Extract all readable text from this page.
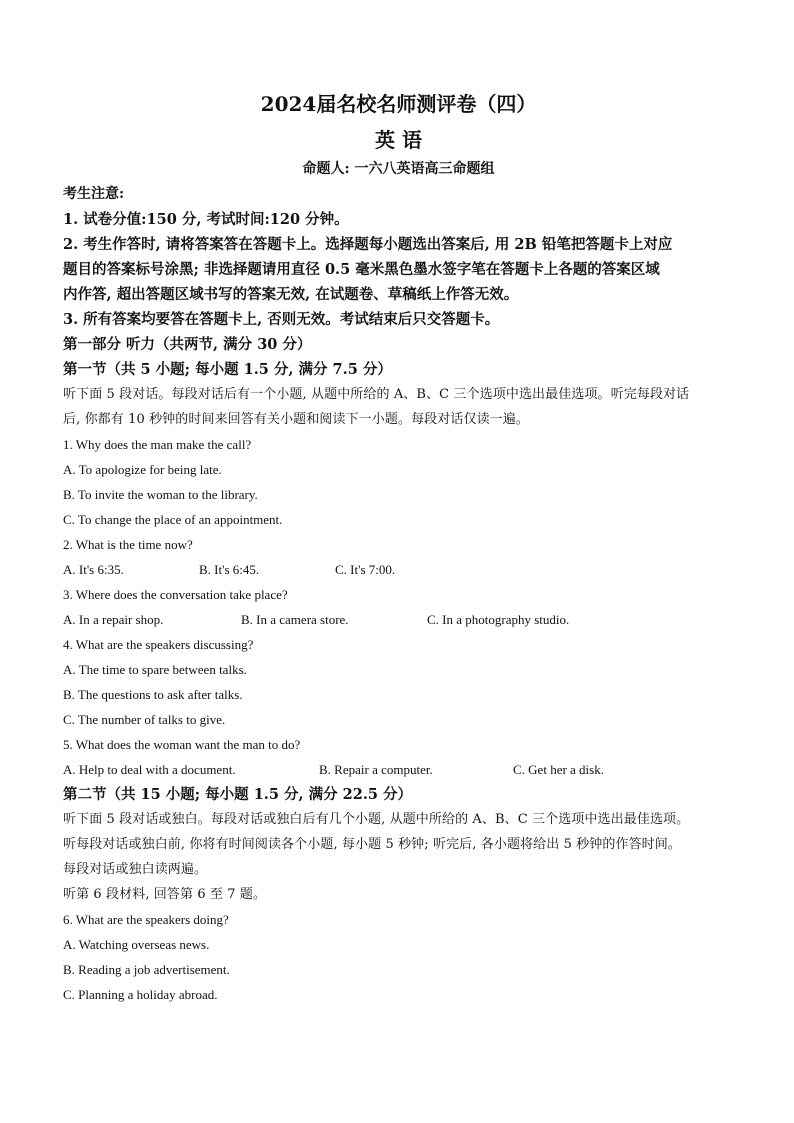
2024届名校名师测评卷（四）
英 语
命题人: 一六八英语高三命题组
考生注意:
1. 试卷分值:150 分, 考试时间:120 分钟。
2. 考生作答时, 请将答案答在答题卡上。选择题每小题选出答案后, 用 2B 铅笔把答题卡上对应
题目的答案标号涂黑; 非选择题请用直径 0.5 毫米黑色墨水签字笔在答题卡上各题的答案区域
内作答, 超出答题区域书写的答案无效, 在试题卷、草稿纸上作答无效。
3. 所有答案均要答在答题卡上, 否则无效。考试结束后只交答题卡。
第一部分 听力（共两节, 满分 30 分）
第一节（共 5 小题; 每小题 1.5 分, 满分 7.5 分）
听下面 5 段对话。每段对话后有一个小题, 从题中所给的 A、B、C 三个选项中选出最佳选项。听完每段对话
后, 你都有 10 秒钟的时间来回答有关小题和阅读下一小题。每段对话仅读一遍。
1. Why does the man make the call?
A. To apologize for being late.
B. To invite the woman to the library.
C. To change the place of an appointment.
2. What is the time now?
A. It's 6:35.	B. It's 6:45.	C. It's 7:00.
3. Where does the conversation take place?
A. In a repair shop.	B. In a camera store.	C. In a photography studio.
4. What are the speakers discussing?
A. The time to spare between talks.
B. The questions to ask after talks.
C. The number of talks to give.
5. What does the woman want the man to do?
A. Help to deal with a document.	B. Repair a computer.	C. Get her a disk.
第二节（共 15 小题; 每小题 1.5 分, 满分 22.5 分）
听下面 5 段对话或独白。每段对话或独白后有几个小题, 从题中所给的 A、B、C 三个选项中选出最佳选项。
听每段对话或独白前, 你将有时间阅读各个小题, 每小题 5 秒钟; 听完后, 各小题将给出 5 秒钟的作答时间。
每段对话或独白读两遍。
听第 6 段材料, 回答第 6 至 7 题。
6. What are the speakers doing?
A. Watching overseas news.
B. Reading a job advertisement.
C. Planning a holiday abroad.
